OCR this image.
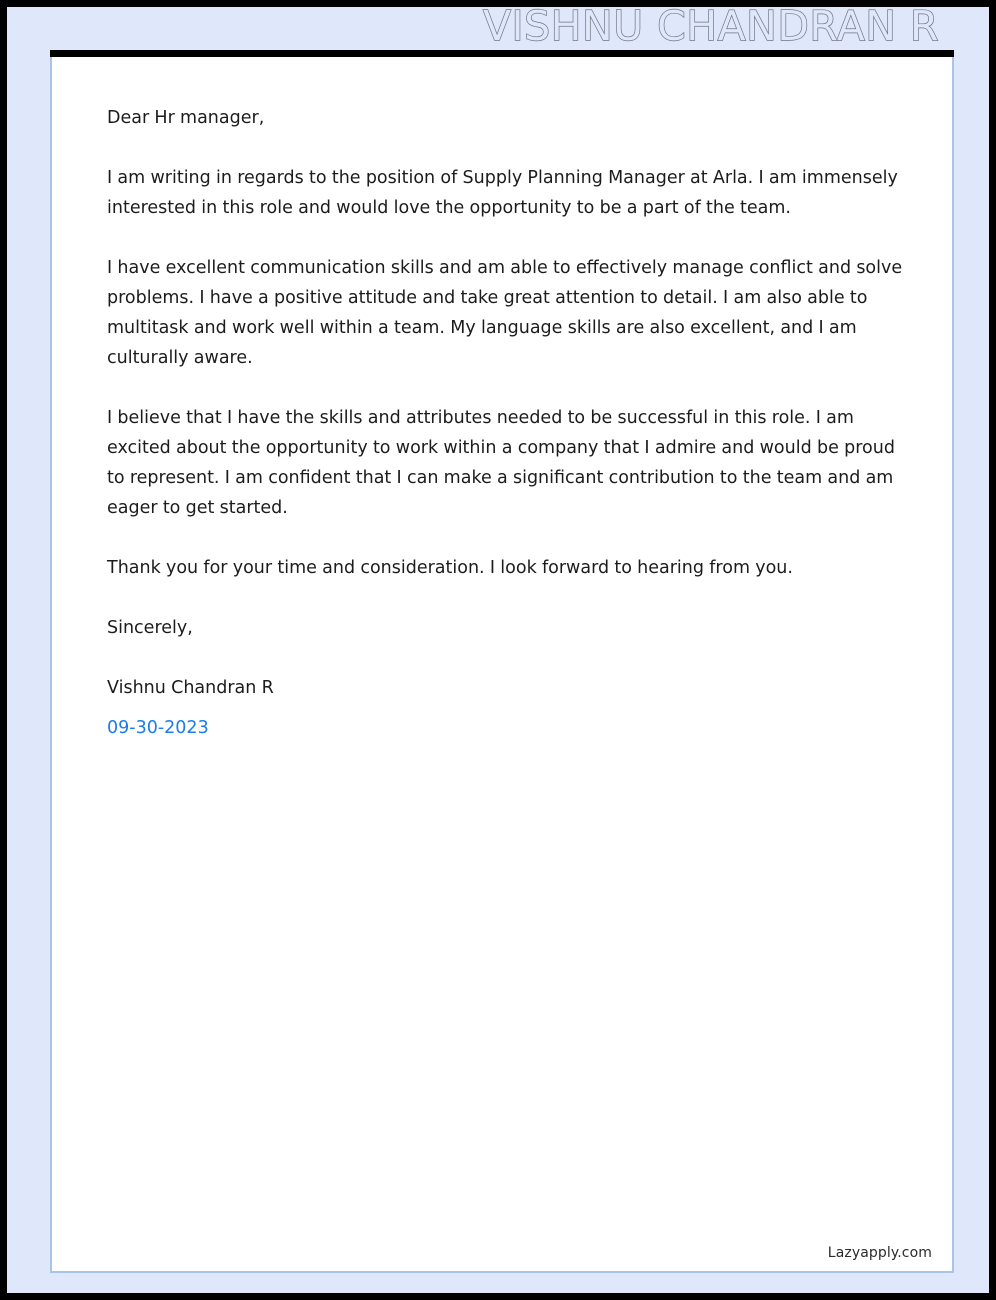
VISHNU CHANDRAN R

Dear Hr manager,

I am writing in regards to the position of Supply Planning Manager at Arla. I am immensely interested in this role and would love the opportunity to be a part of the team.

I have excellent communication skills and am able to effectively manage conflict and solve problems. I have a positive attitude and take great attention to detail. I am also able to multitask and work well within a team. My language skills are also excellent, and I am culturally aware.

I believe that I have the skills and attributes needed to be successful in this role. I am excited about the opportunity to work within a company that I admire and would be proud to represent. I am confident that I can make a significant contribution to the team and am eager to get started.

Thank you for your time and consideration. I look forward to hearing from you.

Sincerely,

Vishnu Chandran R

09-30-2023

Lazyapply.com
